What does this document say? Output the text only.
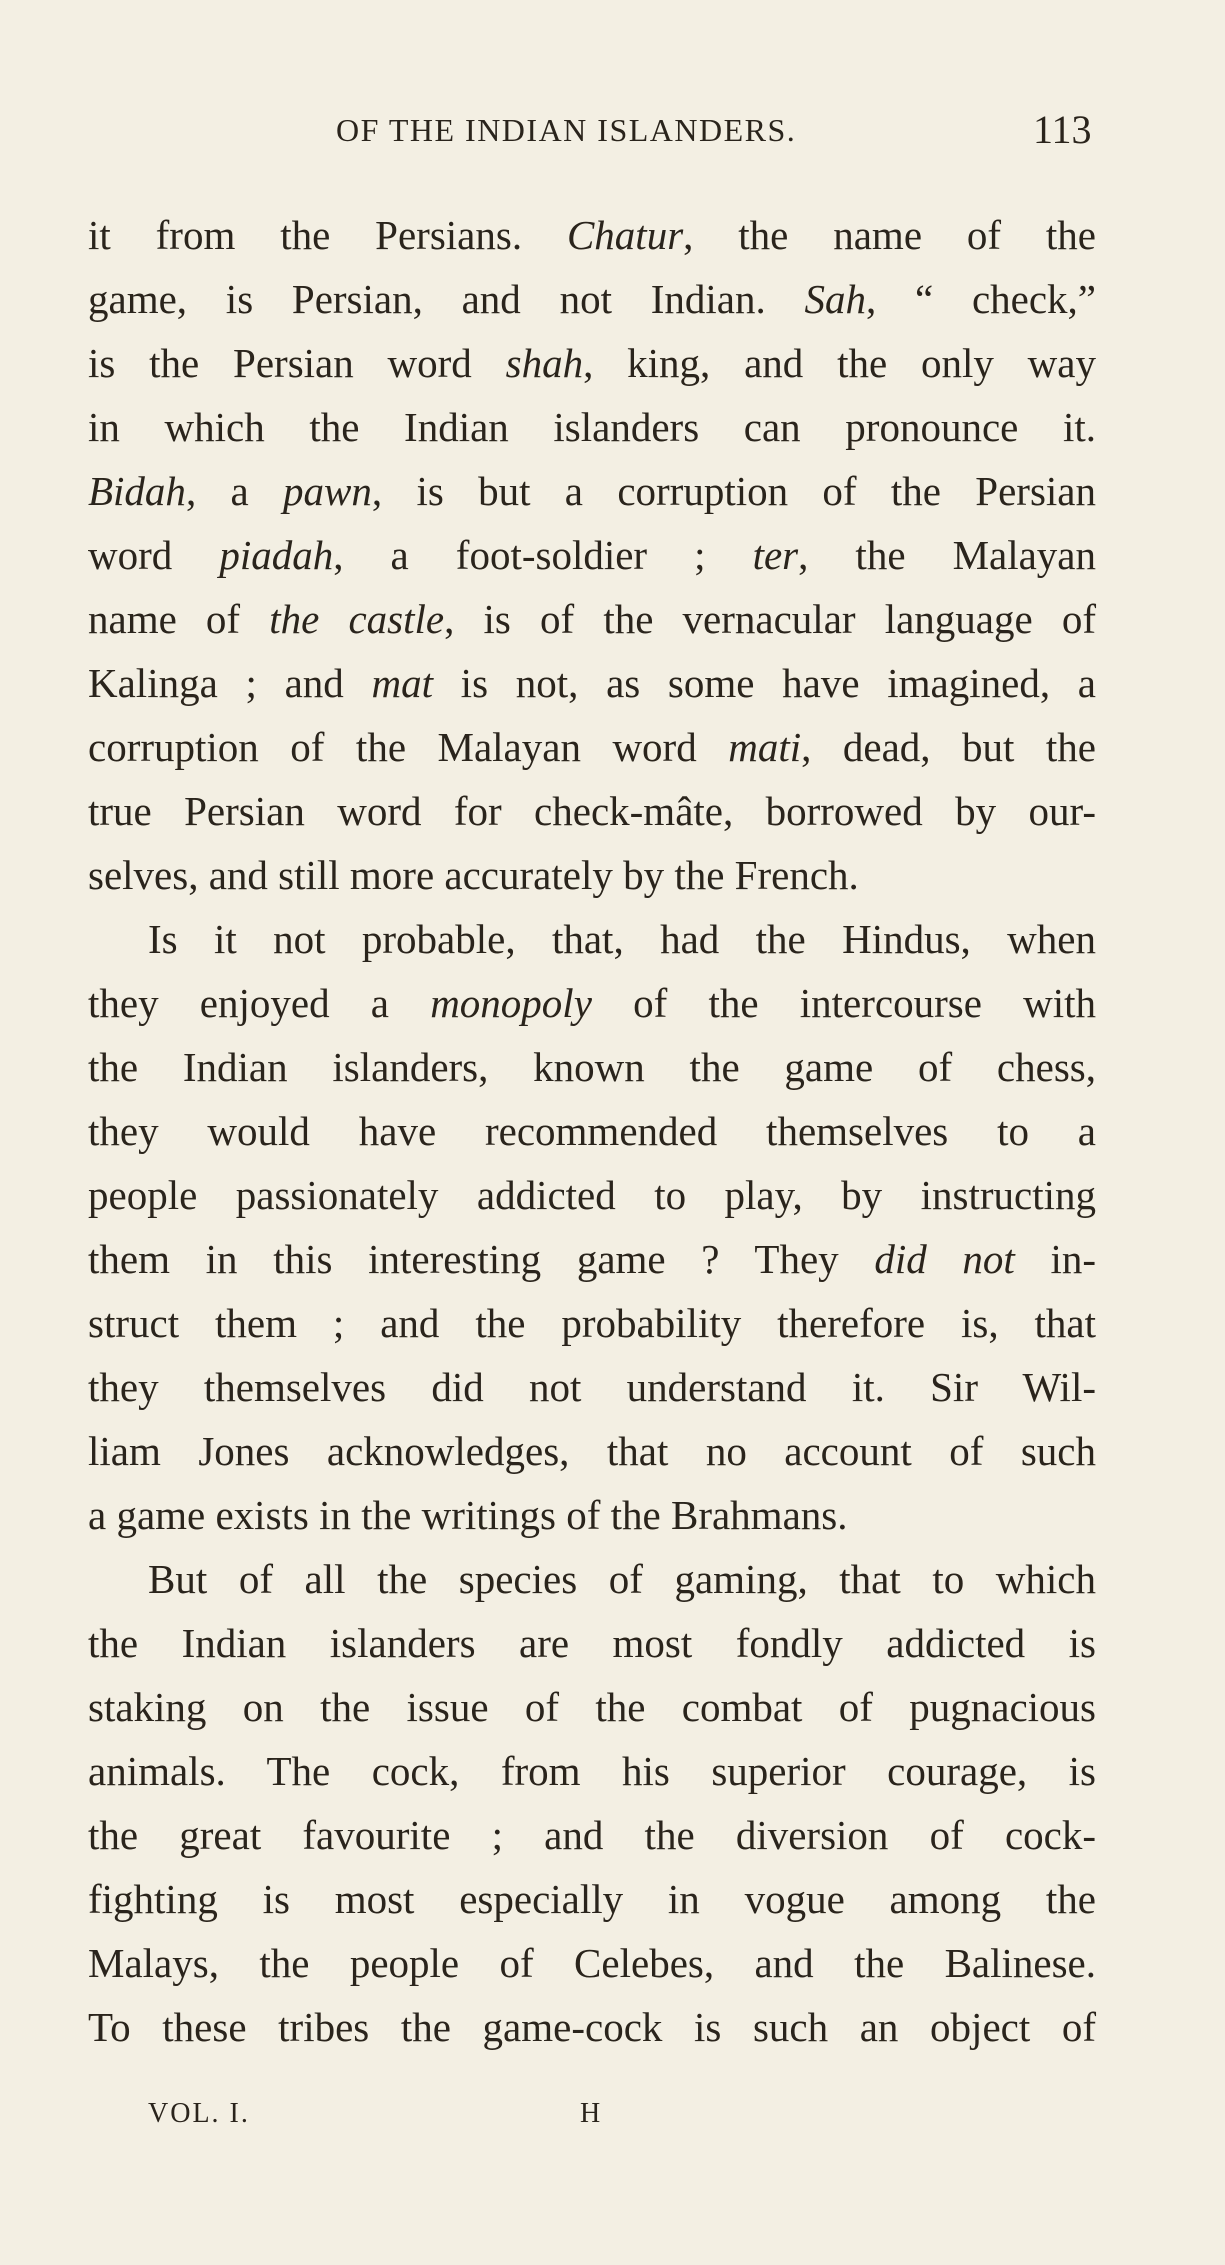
OF THE INDIAN ISLANDERS.	113
it from the Persians. Chatur, the name of the
game, is Persian, and not Indian. Sah, “ check,”
is the Persian word shah, king, and the only way
in which the Indian islanders can pronounce it.
Bidah, a pawn, is but a corruption of the Persian
word piadah, a foot-soldier ; ter, the Malayan
name of the castle, is of the vernacular language of
Kalinga ; and mat is not, as some have imagined, a
corruption of the Malayan word mati, dead, but the
true Persian word for check-mâte, borrowed by our-
selves, and still more accurately by the French.
Is it not probable, that, had the Hindus, when
they enjoyed a monopoly of the intercourse with
the Indian islanders, known the game of chess,
they would have recommended themselves to a
people passionately addicted to play, by instructing
them in this interesting game ? They did not in-
struct them ; and the probability therefore is, that
they themselves did not understand it. Sir Wil-
liam Jones acknowledges, that no account of such
a game exists in the writings of the Brahmans.
But of all the species of gaming, that to which
the Indian islanders are most fondly addicted is
staking on the issue of the combat of pugnacious
animals. The cock, from his superior courage, is
the great favourite ; and the diversion of cock-
fighting is most especially in vogue among the
Malays, the people of Celebes, and the Balinese.
To these tribes the game-cock is such an object of
VOL. I.	H
